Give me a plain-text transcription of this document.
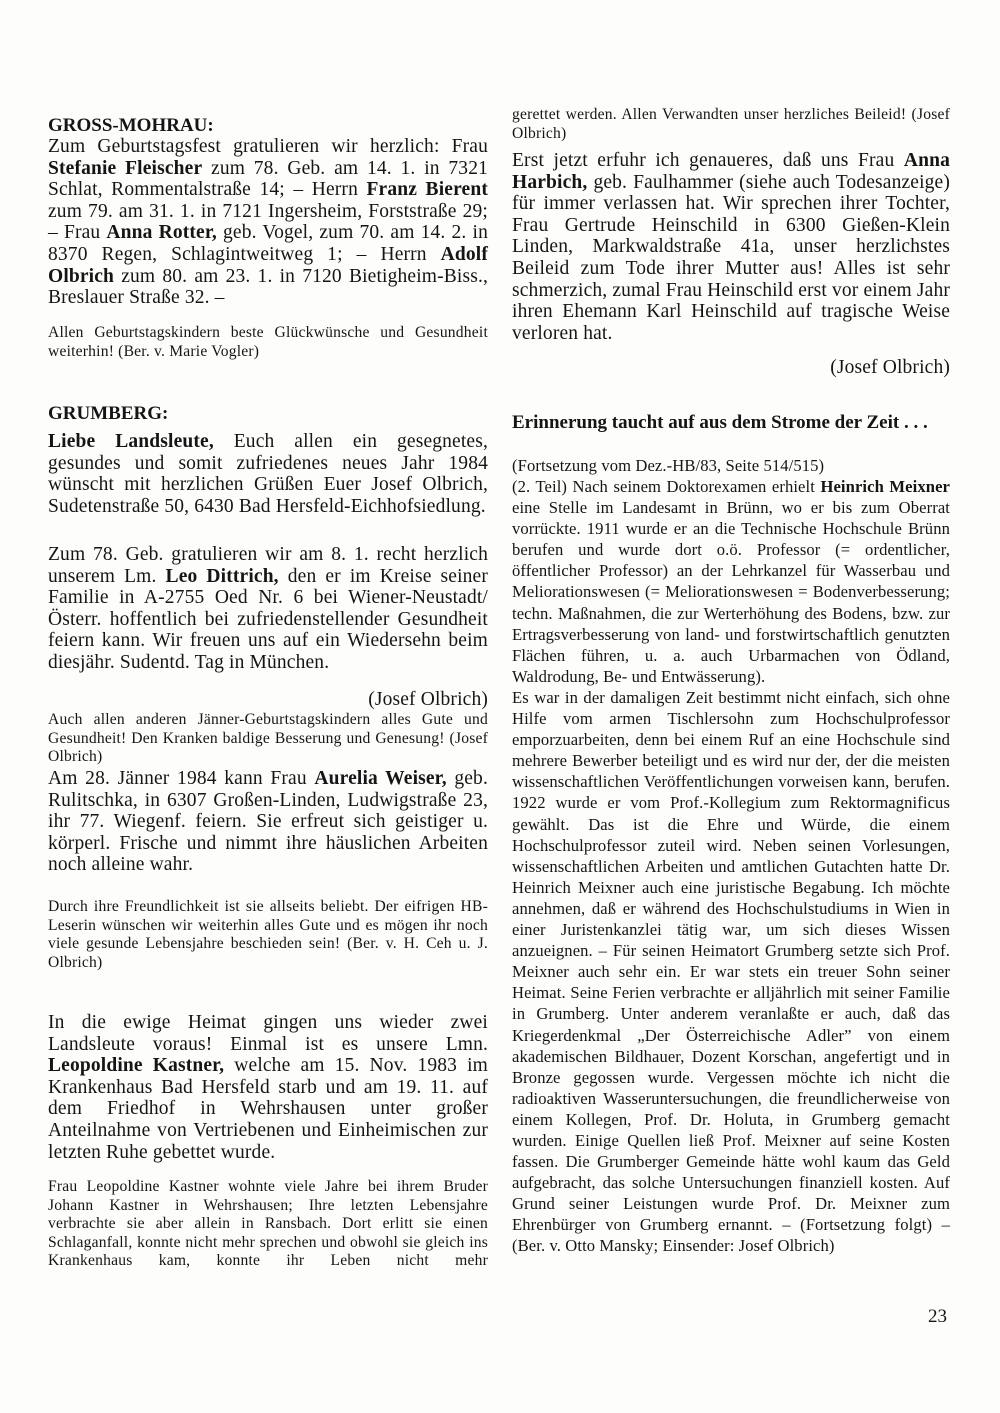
GROSS-MOHRAU:
Zum Geburtstagsfest gratulieren wir herzlich: Frau Stefanie Fleischer zum 78. Geb. am 14. 1. in 7321 Schlat, Rommentalstraße 14; – Herrn Franz Bierent zum 79. am 31. 1. in 7121 Ingersheim, Forststraße 29; – Frau Anna Rotter, geb. Vogel, zum 70. am 14. 2. in 8370 Regen, Schlagintweitweg 1; – Herrn Adolf Olbrich zum 80. am 23. 1. in 7120 Bietigheim-Biss., Breslauer Straße 32. –
Allen Geburtstagskindern beste Glückwünsche und Gesundheit weiterhin! (Ber. v. Marie Vogler)
GRUMBERG:
Liebe Landsleute, Euch allen ein gesegnetes, gesundes und somit zufriedenes neues Jahr 1984 wünscht mit herzlichen Grüßen Euer Josef Olbrich, Sudetenstraße 50, 6430 Bad Hersfeld-Eichhofsiedlung.
Zum 78. Geb. gratulieren wir am 8. 1. recht herzlich unserem Lm. Leo Dittrich, den er im Kreise seiner Familie in A-2755 Oed Nr. 6 bei Wiener-Neustadt/Österr. hoffentlich bei zufriedenstellender Gesundheit feiern kann. Wir freuen uns auf ein Wiedersehn beim diesjähr. Sudentd. Tag in München.
(Josef Olbrich)
Auch allen anderen Jänner-Geburtstagskindern alles Gute und Gesundheit! Den Kranken baldige Besserung und Genesung! (Josef Olbrich)
Am 28. Jänner 1984 kann Frau Aurelia Weiser, geb. Rulitschka, in 6307 Großen-Linden, Ludwigstraße 23, ihr 77. Wiegenf. feiern. Sie erfreut sich geistiger u. körperl. Frische und nimmt ihre häuslichen Arbeiten noch alleine wahr.
Durch ihre Freundlichkeit ist sie allseits beliebt. Der eifrigen HB-Leserin wünschen wir weiterhin alles Gute und es mögen ihr noch viele gesunde Lebensjahre beschieden sein! (Ber. v. H. Ceh u. J. Olbrich)
In die ewige Heimat gingen uns wieder zwei Landsleute voraus! Einmal ist es unsere Lmn. Leopoldine Kastner, welche am 15. Nov. 1983 im Krankenhaus Bad Hersfeld starb und am 19. 11. auf dem Friedhof in Wehrshausen unter großer Anteilnahme von Vertriebenen und Einheimischen zur letzten Ruhe gebettet wurde.
Frau Leopoldine Kastner wohnte viele Jahre bei ihrem Bruder Johann Kastner in Wehrshausen; Ihre letzten Lebensjahre verbrachte sie aber allein in Ransbach. Dort erlitt sie einen Schlaganfall, konnte nicht mehr sprechen und obwohl sie gleich ins Krankenhaus kam, konnte ihr Leben nicht mehr
gerettet werden. Allen Verwandten unser herzliches Beileid! (Josef Olbrich)
Erst jetzt erfuhr ich genaueres, daß uns Frau Anna Harbich, geb. Faulhammer (siehe auch Todesanzeige) für immer verlassen hat. Wir sprechen ihrer Tochter, Frau Gertrude Heinschild in 6300 Gießen-Klein Linden, Markwaldstraße 41a, unser herzlichstes Beileid zum Tode ihrer Mutter aus! Alles ist sehr schmerzich, zumal Frau Heinschild erst vor einem Jahr ihren Ehemann Karl Heinschild auf tragische Weise verloren hat.
(Josef Olbrich)
Erinnerung taucht auf aus dem Strome der Zeit . . .
(Fortsetzung vom Dez.-HB/83, Seite 514/515)
(2. Teil) Nach seinem Doktorexamen erhielt Heinrich Meixner eine Stelle im Landesamt in Brünn, wo er bis zum Oberrat vorrückte. 1911 wurde er an die Technische Hochschule Brünn berufen und wurde dort o.ö. Professor (= ordentlicher, öffentlicher Professor) an der Lehrkanzel für Wasserbau und Meliorationswesen (= Meliorationswesen = Bodenverbesserung; techn. Maßnahmen, die zur Werterhöhung des Bodens, bzw. zur Ertragsverbesserung von land- und forstwirtschaftlich genutzten Flächen führen, u. a. auch Urbarmachen von Ödland, Waldrodung, Be- und Entwässerung).
Es war in der damaligen Zeit bestimmt nicht einfach, sich ohne Hilfe vom armen Tischlersohn zum Hochschulprofessor emporzuarbeiten, denn bei einem Ruf an eine Hochschule sind mehrere Bewerber beteiligt und es wird nur der, der die meisten wissenschaftlichen Veröffentlichungen vorweisen kann, berufen. 1922 wurde er vom Prof.-Kollegium zum Rektormagnificus gewählt. Das ist die Ehre und Würde, die einem Hochschulprofessor zuteil wird. Neben seinen Vorlesungen, wissenschaftlichen Arbeiten und amtlichen Gutachten hatte Dr. Heinrich Meixner auch eine juristische Begabung. Ich möchte annehmen, daß er während des Hochschulstudiums in Wien in einer Juristenkanzlei tätig war, um sich dieses Wissen anzueignen. – Für seinen Heimatort Grumberg setzte sich Prof. Meixner auch sehr ein. Er war stets ein treuer Sohn seiner Heimat. Seine Ferien verbrachte er alljährlich mit seiner Familie in Grumberg. Unter anderem veranlaßte er auch, daß das Kriegerdenkmal „Der Österreichische Adler” von einem akademischen Bildhauer, Dozent Korschan, angefertigt und in Bronze gegossen wurde. Vergessen möchte ich nicht die radioaktiven Wasseruntersuchungen, die freundlicherweise von einem Kollegen, Prof. Dr. Holuta, in Grumberg gemacht wurden. Einige Quellen ließ Prof. Meixner auf seine Kosten fassen. Die Grumberger Gemeinde hätte wohl kaum das Geld aufgebracht, das solche Untersuchungen finanziell kosten. Auf Grund seiner Leistungen wurde Prof. Dr. Meixner zum Ehrenbürger von Grumberg ernannt. – (Fortsetzung folgt) – (Ber. v. Otto Mansky; Einsender: Josef Olbrich)
23
